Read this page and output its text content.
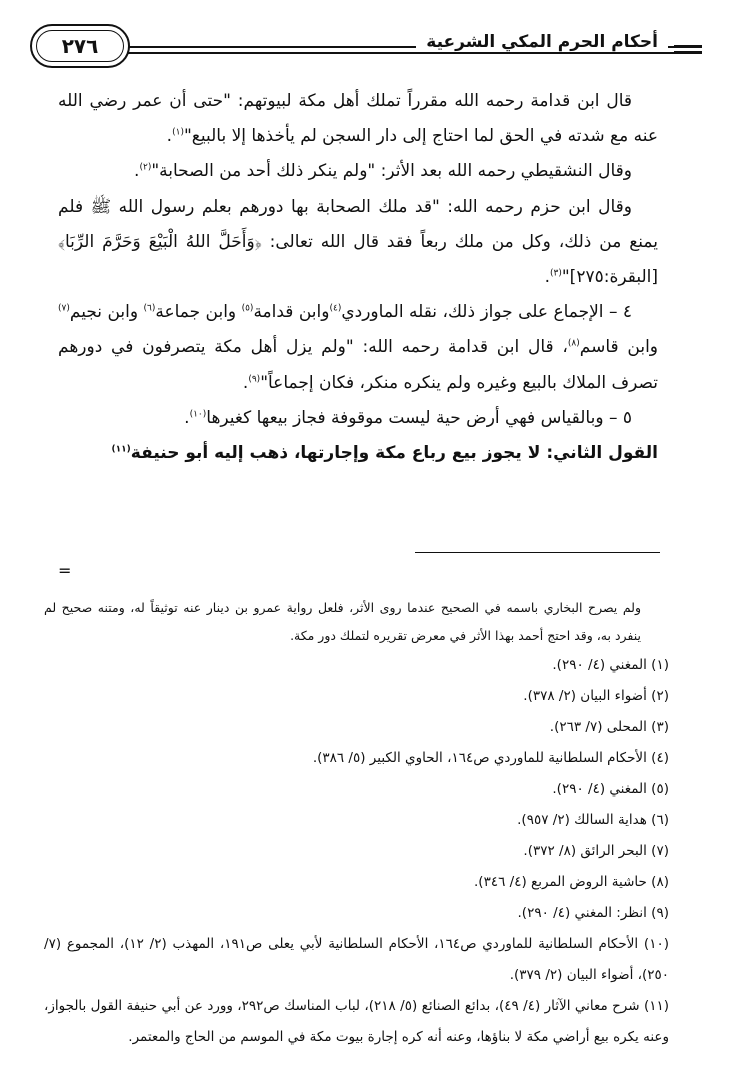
أحكام الحرم المكي الشرعية
٢٧٦

قال ابن قدامة رحمه الله مقرراً تملك أهل مكة لبيوتهم: "حتى أن عمر رضي الله عنه مع شدته في الحق لما احتاج إلى دار السجن لم يأخذها إلا بالبيع"$^{(١)}$.

وقال النشقيطي رحمه الله بعد الأثر: "ولم ينكر ذلك أحد من الصحابة"$^{(٢)}$.

وقال ابن حزم رحمه الله: "قد ملك الصحابة بها دورهم بعلم رسول الله ﷺ فلم يمنع من ذلك، وكل من ملك ربعاً فقد قال الله تعالى: ﴿وَأَحَلَّ اللهُ الْبَيْعَ وَحَرَّمَ الرِّبَا﴾ [البقرة:٢٧٥]"$^{(٣)}$.

٤ – الإجماع على جواز ذلك، نقله الماوردي$^{(٤)}$وابن قدامة$^{(٥)}$ وابن جماعة$^{(٦)}$ وابن نجيم$^{(٧)}$ وابن قاسم$^{(٨)}$، قال ابن قدامة رحمه الله: "ولم يزل أهل مكة يتصرفون في دورهم تصرف الملاك بالبيع وغيره ولم ينكره منكر، فكان إجماعاً"$^{(٩)}$.

٥ – وبالقياس فهي أرض حية ليست موقوفة فجاز بيعها كغيرها$^{(١٠)}$.

القول الثاني: لا يجوز بيع رباع مكة وإجارتها، ذهب إليه أبو حنيفة$^{(١١)}$

=

ولم يصرح البخاري باسمه في الصحيح عندما روى الأثر، فلعل رواية عمرو بن دينار عنه توثيقاً له، ومتنه صحيح لم ينفرد به، وقد احتج أحمد بهذا الأثر في معرض تقريره لتملك دور مكة.

(١) المغني (٤/ ٢٩٠).

(٢) أضواء البيان (٢/ ٣٧٨).

(٣) المحلى (٧/ ٢٦٣).

(٤) الأحكام السلطانية للماوردي ص١٦٤، الحاوي الكبير (٥/ ٣٨٦).

(٥) المغني (٤/ ٢٩٠).

(٦) هداية السالك (٢/ ٩٥٧).

(٧) البحر الرائق (٨/ ٣٧٢).

(٨) حاشية الروض المربع (٤/ ٣٤٦).

(٩) انظر: المغني (٤/ ٢٩٠).

(١٠) الأحكام السلطانية للماوردي ص١٦٤، الأحكام السلطانية لأبي يعلى ص١٩١، المهذب (٢/ ١٢)، المجموع (٧/ ٢٥٠)، أضواء البيان (٢/ ٣٧٩).

(١١) شرح معاني الآثار (٤/ ٤٩)، بدائع الصنائع (٥/ ٢١٨)، لباب المناسك ص٢٩٢، وورد عن أبي حنيفة القول بالجواز، وعنه يكره بيع أراضي مكة لا بناؤها، وعنه أنه كره إجارة بيوت مكة في الموسم من الحاج والمعتمر.
